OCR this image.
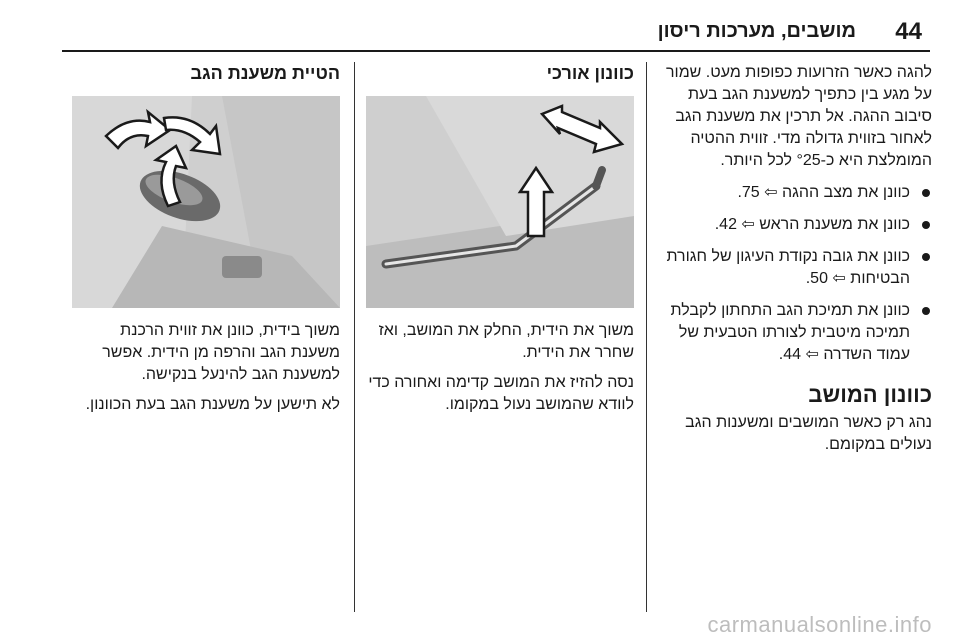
44
מושבים, מערכות ריסון

להגה כאשר הזרועות כפופות מעט. שמור על מגע בין כתפיך למשענת הגב בעת סיבוב ההגה. אל תרכין את משענת הגב לאחור בזווית גדולה מדי. זווית ההטיה המומלצת היא כ-°25 לכל היותר.

כוונן את מצב ההגה ⇦ 75.
כוונן את משענת הראש ⇦ 42.
כוונן את גובה נקודת העיגון של חגורת הבטיחות ⇦ 50.
כוונן את תמיכת הגב התחתון לקבלת תמיכה מיטבית לצורתו הטבעית של עמוד השדרה ⇦ 44.
כוונון המושב

נהג רק כאשר המושבים ומשענות הגב נעולים במקומם.

כוונון אורכי

משוך את הידית, החלק את המושב, ואז שחרר את הידית.

נסה להזיז את המושב קדימה ואחורה כדי לוודא שהמושב נעול במקומו.

הטיית משענת הגב

משוך בידית, כוונן את זווית הרכנת משענת הגב והרפה מן הידית. אפשר למשענת הגב להינעל בנקישה.

לא תישען על משענת הגב בעת הכוונון.

carmanualsonline.info
